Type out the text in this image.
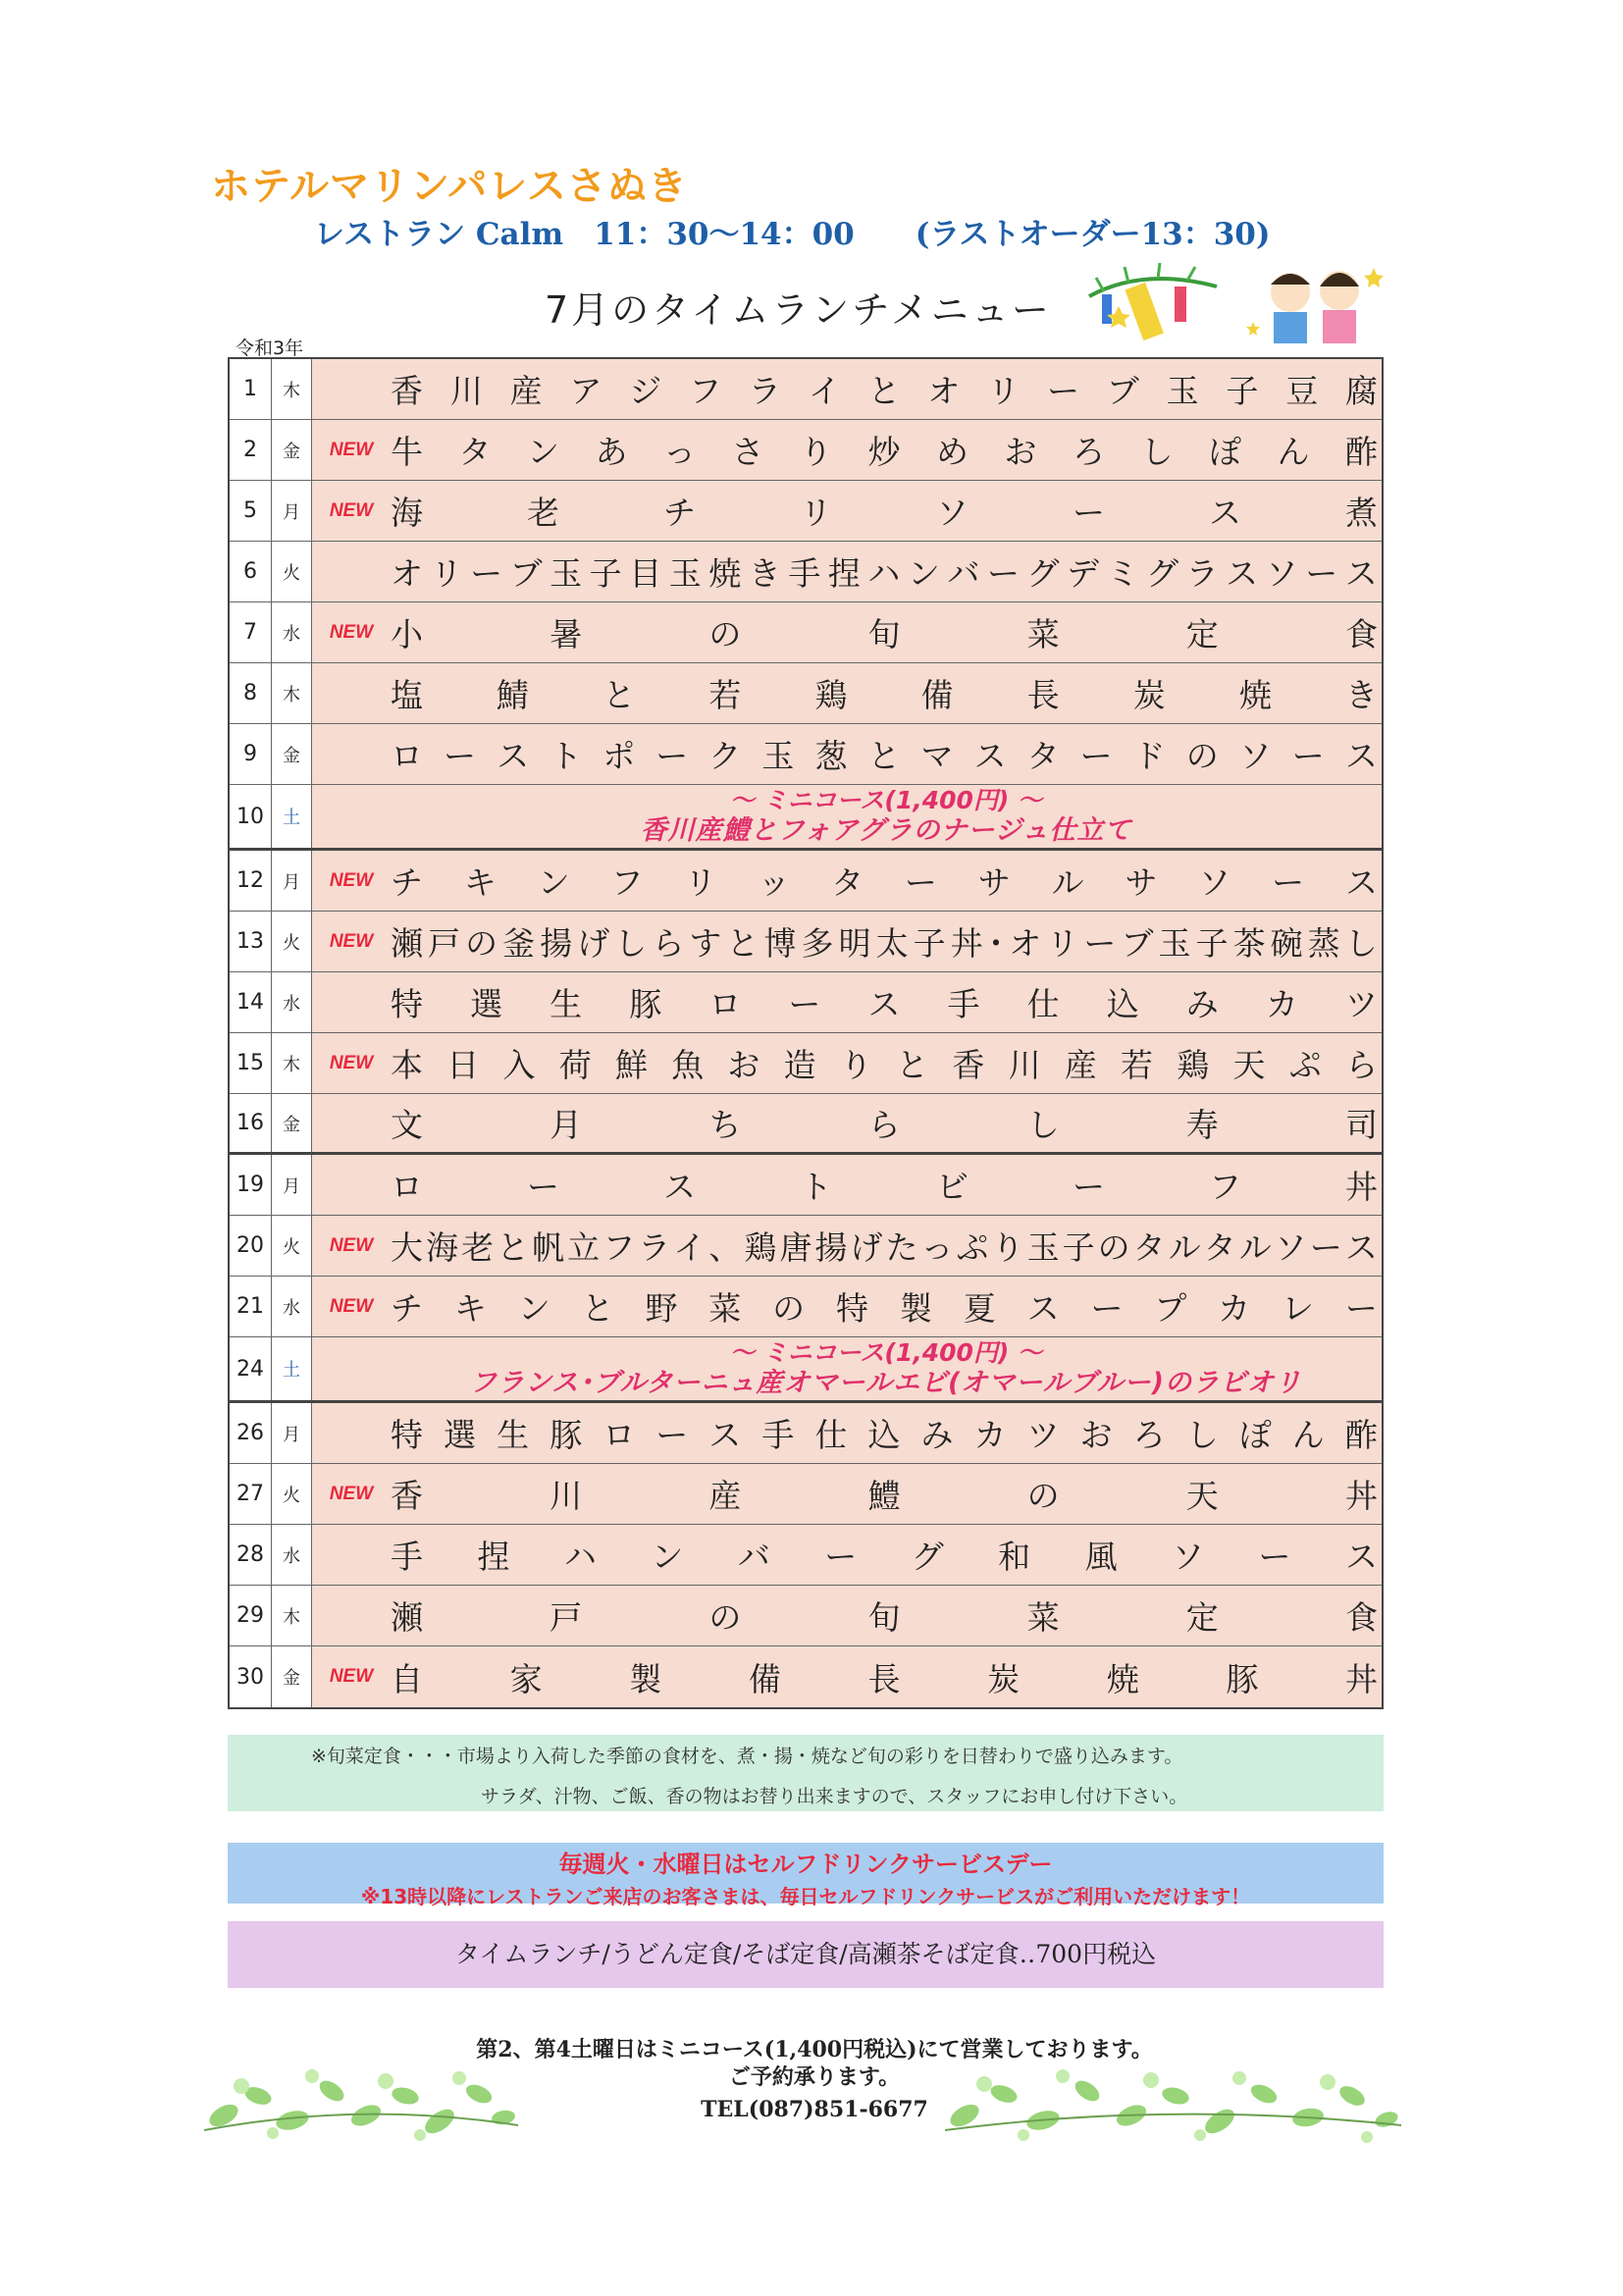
ホテルマリンパレスさぬき
レストラン Calm　11：30～14：00　　(ラストオーダー13：30)
7月のタイムランチメニュー
令和3年
1	木	香 川 産 ア ジ フ ラ イ と オ リ ー ブ 玉 子 豆 腐
2	金	NEW 牛 タ ン あ っ さ り 炒 め お ろ し ぽ ん 酢
5	月	NEW 海	老	チ	リ	ソ	ー	ス	煮
6	火	オ リ ー ブ 玉 子 目 玉 焼 き 手 捏 ハ ン バ ー グ デ ミ グ ラ ス ソ ー ス
7	水	NEW 小	暑	の	旬	菜	定	食
8	木	塩 鯖 と 若 鶏 備 長 炭 焼 き
9	金	ロ ー ス ト ポ ー ク 玉 葱 と マ ス タ ー ド の ソ ー ス
10	土
～ ミニコース(1,400円) ～
香川産鱧とフォアグラのナージュ仕立て
12	月	NEW チ キ ン フ リ ッ タ ー サ ル サ ソ ー ス
13	火	NEW 瀬 戸 の 釜 揚 げ し ら す と 博 多 明 太 子 丼 ･ オ リ ー ブ 玉 子 茶 碗 蒸 し
14	水	特 選 生 豚 ロ ー ス 手 仕 込 み カ ツ
15	木	NEW 本 日 入 荷 鮮 魚 お 造 り と 香 川 産 若 鶏 天 ぷ ら
16	金	文	月	ち	ら	し	寿	司
19	月	ロ	ー	ス	ト	ビ	ー	フ	丼
20	火	NEW 大 海 老 と 帆 立 フ ラ イ 、 鶏 唐 揚 げ た っ ぷ り 玉 子 の タ ル タ ル ソ ー ス
21	水	NEW チ キ ン と 野 菜 の 特 製 夏 ス ー プ カ レ ー
24	土
～ ミニコース(1,400円) ～
フランス･ブルターニュ産オマールエビ(オマールブルー)のラビオリ
26	月	特 選 生 豚 ロ ー ス 手 仕 込 み カ ツ お ろ し ぽ ん 酢
27	火	NEW 香	川	産	鱧	の	天	丼
28	水	手 捏 ハ ン バ ー グ 和 風 ソ ー ス
29	木	瀬	戸	の	旬	菜	定	食
30	金	NEW 自	家	製	備	長	炭	焼	豚	丼
※旬菜定食・・・市場より入荷した季節の食材を、煮・揚・焼など旬の彩りを日替わりで盛り込みます。
サラダ、汁物、ご飯、香の物はお替り出来ますので、スタッフにお申し付け下さい。
毎週火・水曜日はセルフドリンクサービスデー
※13時以降にレストランご来店のお客さまは、毎日セルフドリンクサービスがご利用いただけます！
タイムランチ/うどん定食/そば定食/高瀬茶そば定食‥700円税込
第2、第4土曜日はミニコース(1,400円税込)にて営業しております。
ご予約承ります。
TEL(087)851-6677
